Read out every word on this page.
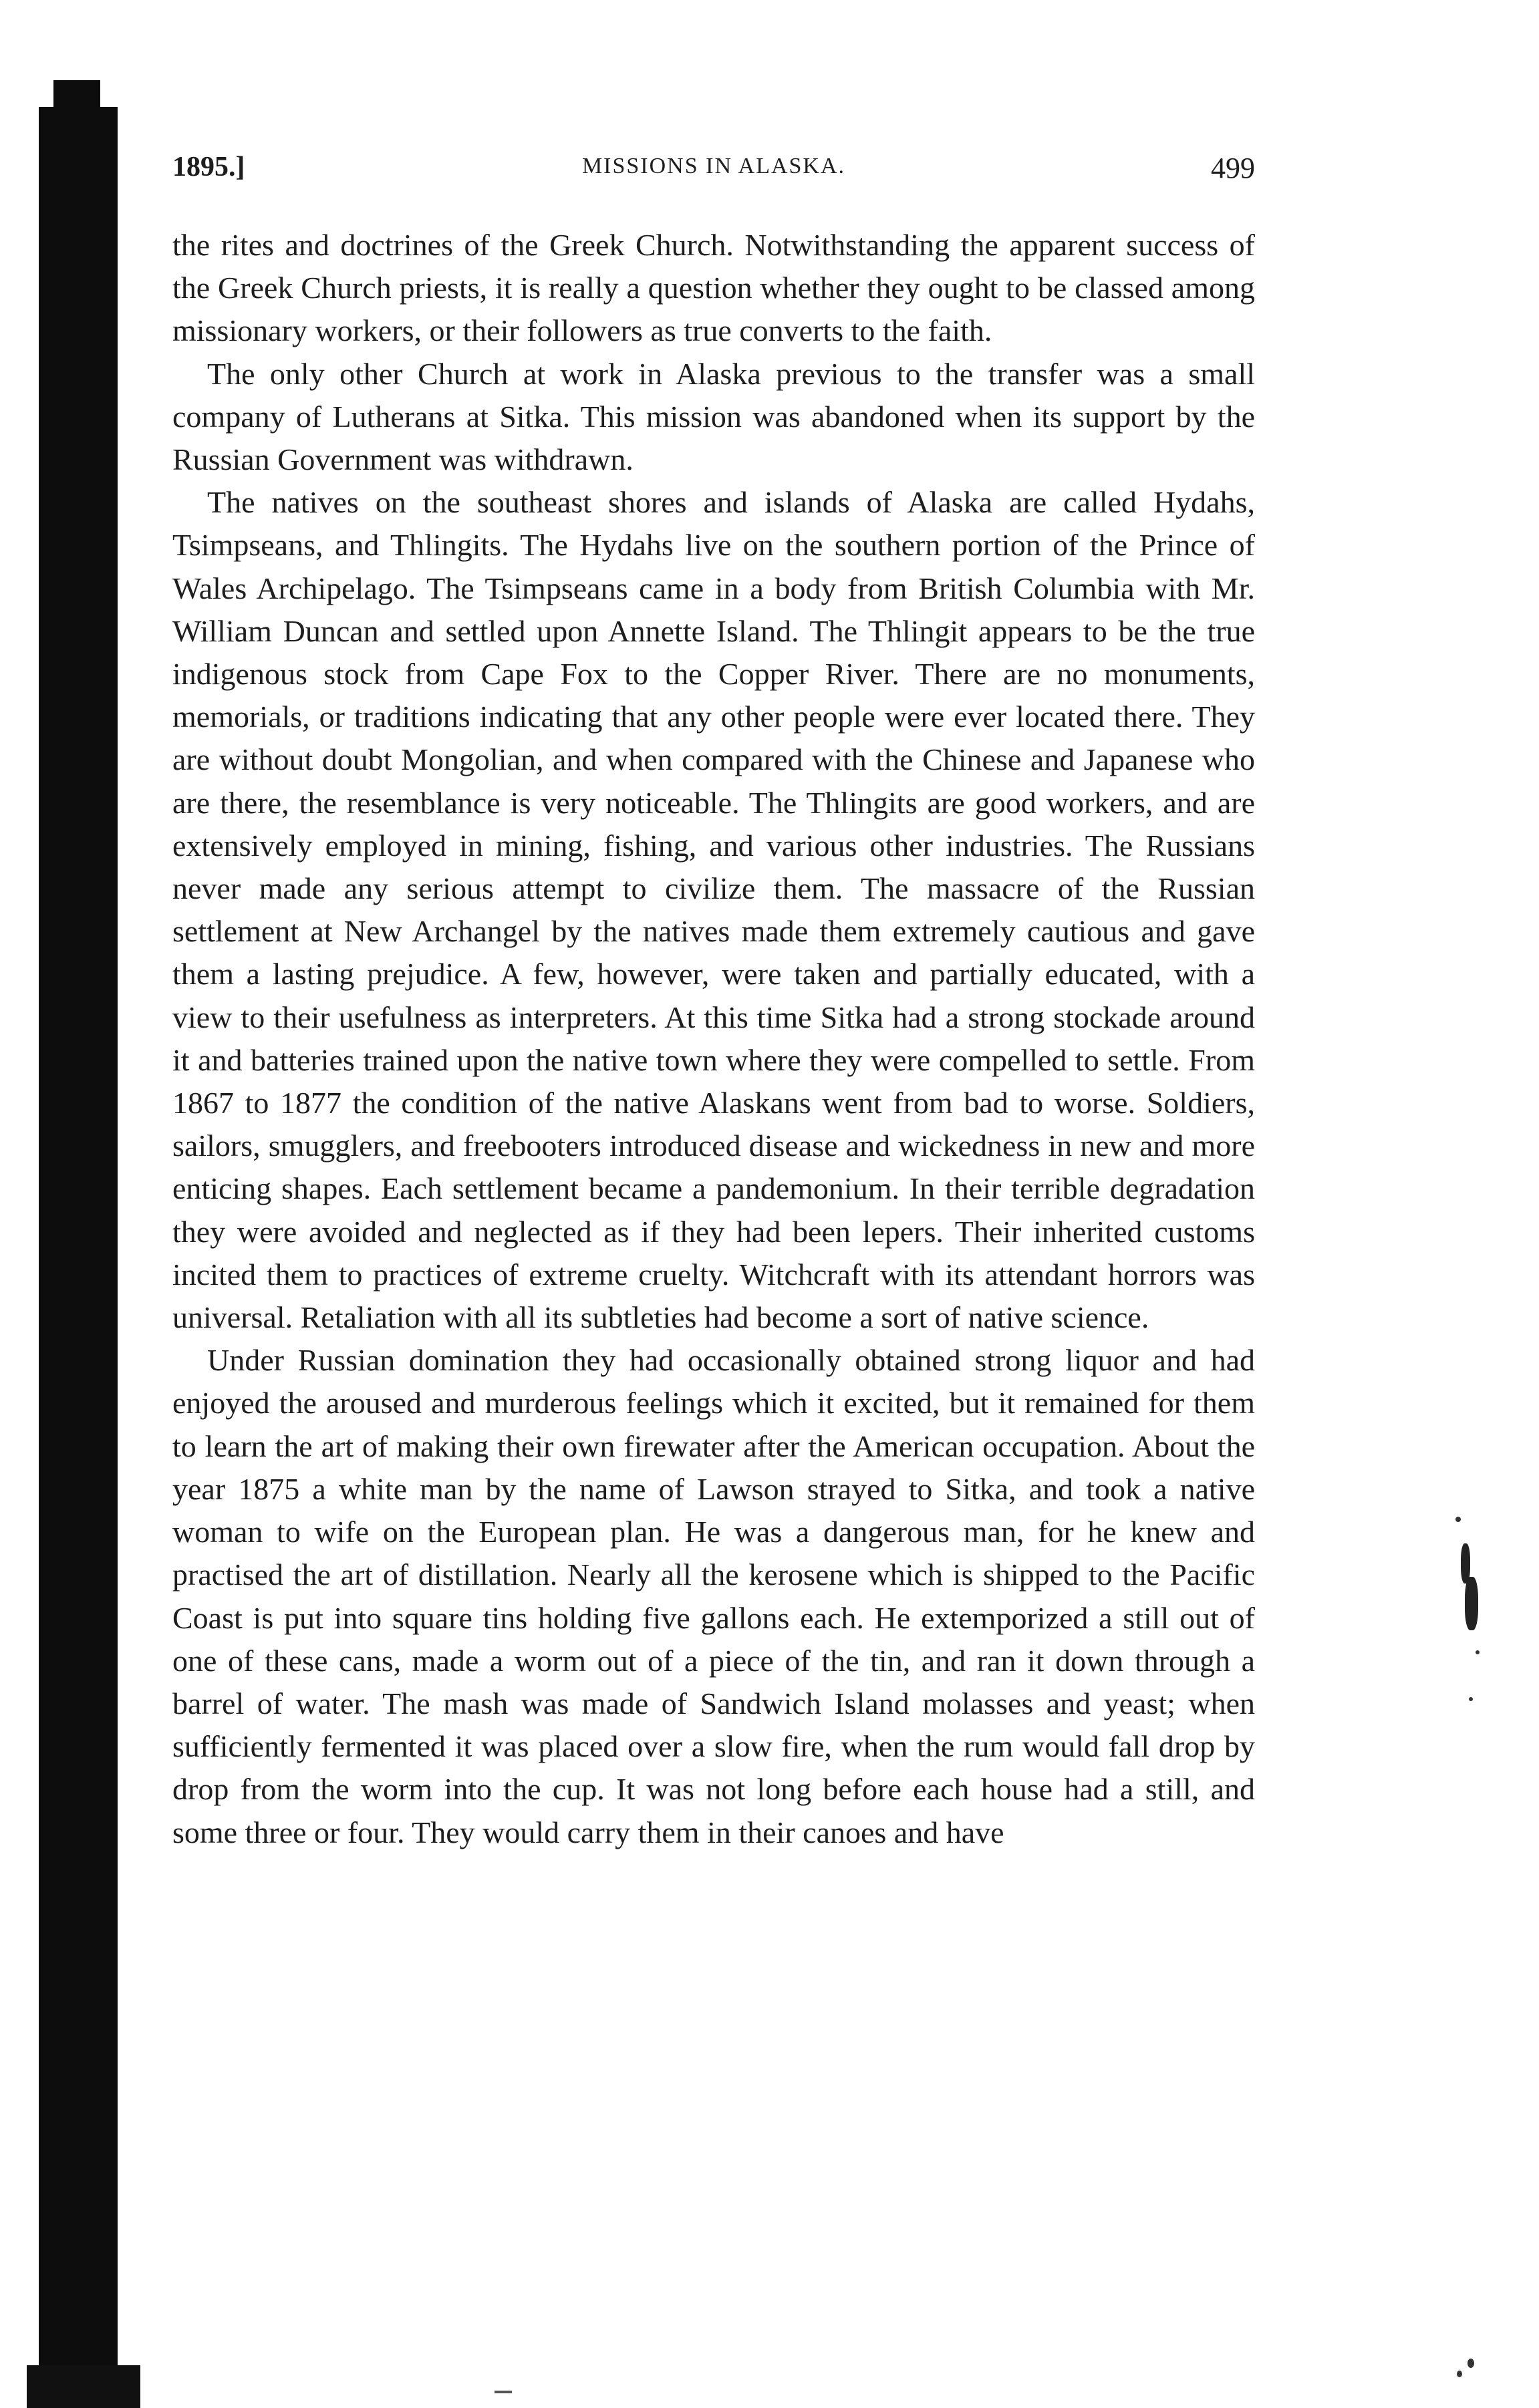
1895.]	MISSIONS IN ALASKA.	499

the rites and doctrines of the Greek Church. Notwithstanding the apparent success of the Greek Church priests, it is really a question whether they ought to be classed among missionary workers, or their followers as true converts to the faith.

The only other Church at work in Alaska previous to the transfer was a small company of Lutherans at Sitka. This mission was abandoned when its support by the Russian Government was withdrawn.

The natives on the southeast shores and islands of Alaska are called Hydahs, Tsimpseans, and Thlingits. The Hydahs live on the southern portion of the Prince of Wales Archipelago. The Tsimpseans came in a body from British Columbia with Mr. William Duncan and settled upon Annette Island. The Thlingit appears to be the true indigenous stock from Cape Fox to the Copper River. There are no monuments, memorials, or traditions indicating that any other people were ever located there. They are without doubt Mongolian, and when compared with the Chinese and Japanese who are there, the resemblance is very noticeable. The Thlingits are good workers, and are extensively employed in mining, fishing, and various other industries. The Russians never made any serious attempt to civilize them. The massacre of the Russian settlement at New Archangel by the natives made them extremely cautious and gave them a lasting prejudice. A few, however, were taken and partially educated, with a view to their usefulness as interpreters. At this time Sitka had a strong stockade around it and batteries trained upon the native town where they were compelled to settle. From 1867 to 1877 the condition of the native Alaskans went from bad to worse. Soldiers, sailors, smugglers, and freebooters introduced disease and wickedness in new and more enticing shapes. Each settlement became a pandemonium. In their terrible degradation they were avoided and neglected as if they had been lepers. Their inherited customs incited them to practices of extreme cruelty. Witchcraft with its attendant horrors was universal. Retaliation with all its subtleties had become a sort of native science.

Under Russian domination they had occasionally obtained strong liquor and had enjoyed the aroused and murderous feelings which it excited, but it remained for them to learn the art of making their own firewater after the American occupation. About the year 1875 a white man by the name of Lawson strayed to Sitka, and took a native woman to wife on the European plan. He was a dangerous man, for he knew and practised the art of distillation. Nearly all the kerosene which is shipped to the Pacific Coast is put into square tins holding five gallons each. He extemporized a still out of one of these cans, made a worm out of a piece of the tin, and ran it down through a barrel of water. The mash was made of Sandwich Island molasses and yeast; when sufficiently fermented it was placed over a slow fire, when the rum would fall drop by drop from the worm into the cup. It was not long before each house had a still, and some three or four. They would carry them in their canoes and have
